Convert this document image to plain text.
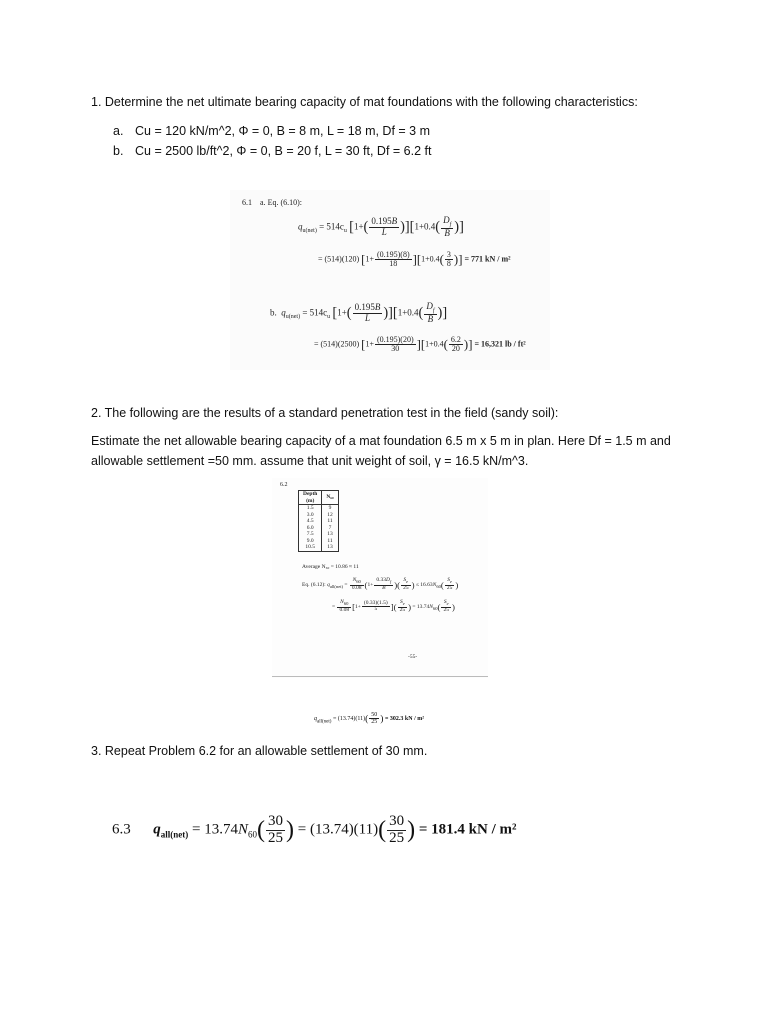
1. Determine the net ultimate bearing capacity of mat foundations with the following characteristics:
a. Cu = 120 kN/m^2, Φ = 0, B = 8 m, L = 18 m, Df = 3 m
b. Cu = 2500 lb/ft^2, Φ = 0, B = 20 f, L = 30 ft, Df = 6.2 ft
6.1 a. Eq. (6.10):
$q_{u(net)} = 514c_u$ $[1+( \frac{0.195B}{L} )][1+0.4( \frac{D_f}{B}$ )]
= (514)(120) $[1+ \frac{(0.195)(8)}{18} ][1+0.4( \frac{3}{8}$ )] = 771 kN / m²
b. $q_{u(net)} = 514c_u$ $[1+( \frac{0.195B}{L} )][1+0.4( \frac{D_f}{B}$ )]
= (514)(2500) $[1+ \frac{(0.195)(20)}{30} ][1+0.4( \frac{6.2}{20}$ )] = 16,321 lb / ft²
2. The following are the results of a standard penetration test in the field (sandy soil):
Estimate the net allowable bearing capacity of a mat foundation 6.5 m x 5 m in plan. Here Df = 1.5 m and allowable settlement =50 mm. assume that unit weight of soil, γ = 16.5 kN/m^3.
6.2
Depth
(m)	N₆₀
1.5	9
3.0	12
4.5	11
6.0	7
7.5	13
9.0	11
10.5	13
Average N₆₀ = 10.86 ≈ 11
Eq. (6.12): $q_{all(net)} = \frac{N_{60}}{0.08} (1+ \frac{0.33D_f}{B}$ )( $\frac{S_e}{25}$ ) ≤ $16.63N_{60}( \frac{S_e}{25}$ )
= $\frac{N_{60}}{0.08} [1+ \frac{(0.33)(1.5)}{5}$ ]( $\frac{S_e}{25}$ ) = $13.74N_{60}( \frac{S_e}{25}$ )
-55-
$q_{all(net)} = (13.74)(11)( \frac{50}{25}$ ) = 302.3 kN / m²
3. Repeat Problem 6.2 for an allowable settlement of 30 mm.
6.3 $q_{all(net)} = 13.74N_{60}( \frac{30}{25}$ ) = $(13.74)(11)( \frac{30}{25}$ ) = 181.4 kN / m²
